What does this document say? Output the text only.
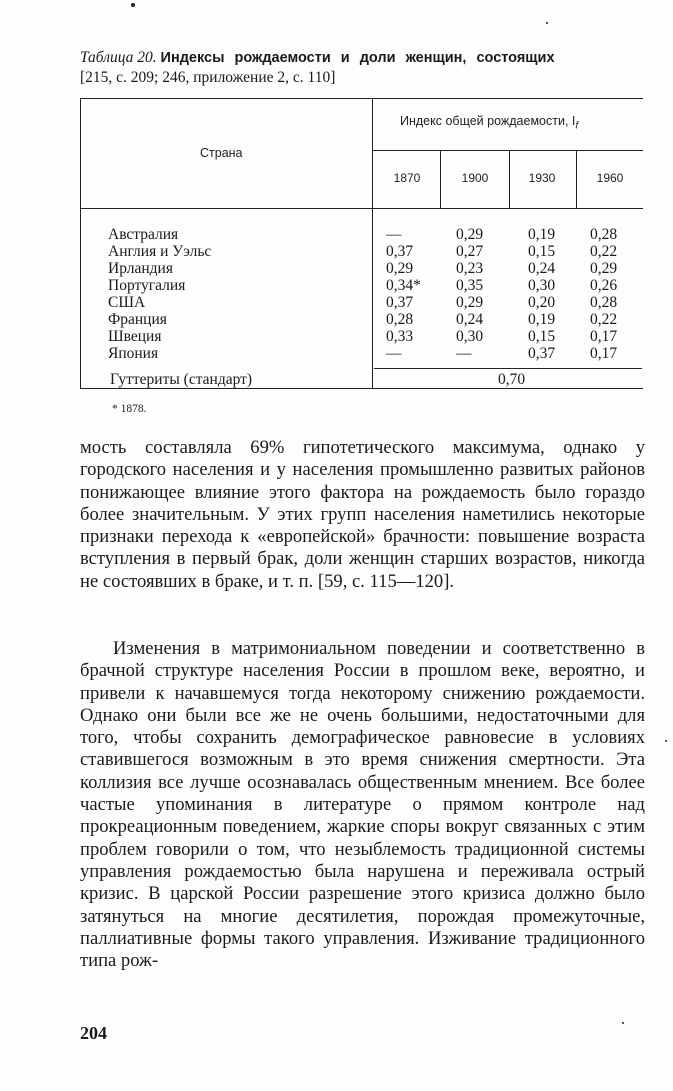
Таблица 20. Индексы рождаемости и доли женщин, состоящих
[215, с. 209; 246, приложение 2, с. 110]
Страна
Индекс общей рождаемости, $I_f$
1870	1900	1930	1960
Австралия	—	0,29	0,19	0,28
Англия и Уэльс	0,37	0,27	0,15	0,22
Ирландия	0,29	0,23	0,24	0,29
Португалия	0,34*	0,35	0,30	0,26
США	0,37	0,29	0,20	0,28
Франция	0,28	0,24	0,19	0,22
Швеция	0,33	0,30	0,15	0,17
Япония	—	—	0,37	0,17
Гуттериты (стандарт)	0,70
* 1878.

мость составляла 69% гипотетического максимума, однако у городского населения и у населения промышленно развитых районов понижающее влияние этого фактора на рождаемость было гораздо более значительным. У этих групп населения наметились некоторые признаки перехода к «европейской» брачности: повышение возраста вступления в первый брак, доли женщин старших возрастов, никогда не состоявших в браке, и т. п. [59, с. 115—120].

Изменения в матримониальном поведении и соответственно в брачной структуре населения России в прошлом веке, вероятно, и привели к начавшемуся тогда некоторому снижению рождаемости. Однако они были все же не очень большими, недостаточными для того, чтобы сохранить демографическое равновесие в условиях ставившегося возможным в это время снижения смертности. Эта коллизия все лучше осознавалась общественным мнением. Все более частые упоминания в литературе о прямом контроле над прокреационным поведением, жаркие споры вокруг связанных с этим проблем говорили о том, что незыблемость традиционной системы управления рождаемостью была нарушена и переживала острый кризис. В царской России разрешение этого кризиса должно было затянуться на многие десятилетия, порождая промежуточные, паллиативные формы такого управления. Изживание традиционного типа рож-

204
